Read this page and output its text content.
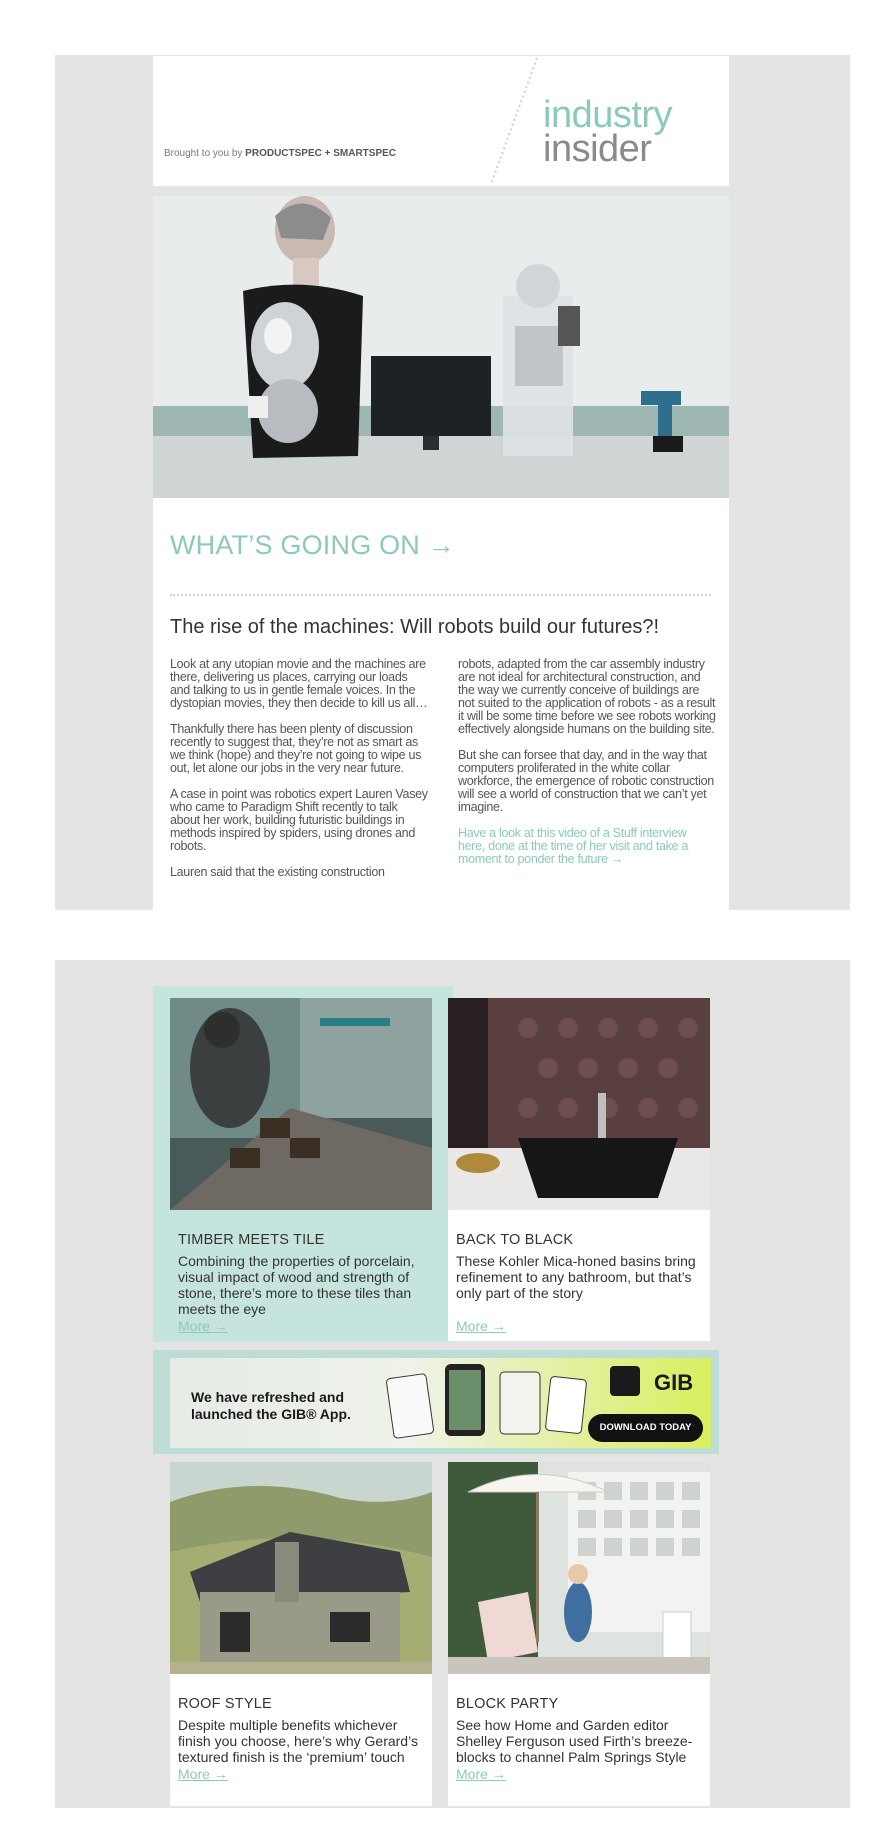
Brought to you by PRODUCTSPEC + SMARTSPEC
industry
insider
WHAT’S GOING ON →
The rise of the machines: Will robots build our futures?!

Look at any utopian movie and the machines are there, delivering us places, carrying our loads and talking to us in gentle female voices. In the dystopian movies, they then decide to kill us all…

Thankfully there has been plenty of discussion recently to suggest that, they’re not as smart as we think (hope) and they’re not going to wipe us out, let alone our jobs in the very near future.

A case in point was robotics expert Lauren Vasey who came to Paradigm Shift recently to talk about her work, building futuristic buildings in methods inspired by spiders, using drones and robots.

Lauren said that the existing construction

robots, adapted from the car assembly industry are not ideal for architectural construction, and the way we currently conceive of buildings are not suited to the application of robots - as a result it will be some time before we see robots working effectively alongside humans on the building site.

But she can forsee that day, and in the way that computers proliferated in the white collar workforce, the emergence of robotic construction will see a world of construction that we can’t yet imagine.

Have a look at this video of a Stuff interview here, done at the time of her visit and take a moment to ponder the future →

TIMBER MEETS TILE
Combining the properties of porcelain, visual impact of wood and strength of stone, there’s more to these tiles than meets the eye
More →
BACK TO BLACK
These Kohler Mica-honed basins bring refinement to any bathroom, but that’s only part of the story
More →
We have refreshed and
launched the GIB® App.
GIB
DOWNLOAD TODAY
ROOF STYLE
Despite multiple benefits whichever finish you choose, here’s why Gerard’s textured finish is the ‘premium’ touch
More →
BLOCK PARTY
See how Home and Garden editor Shelley Ferguson used Firth’s breeze-blocks to channel Palm Springs Style
More →
